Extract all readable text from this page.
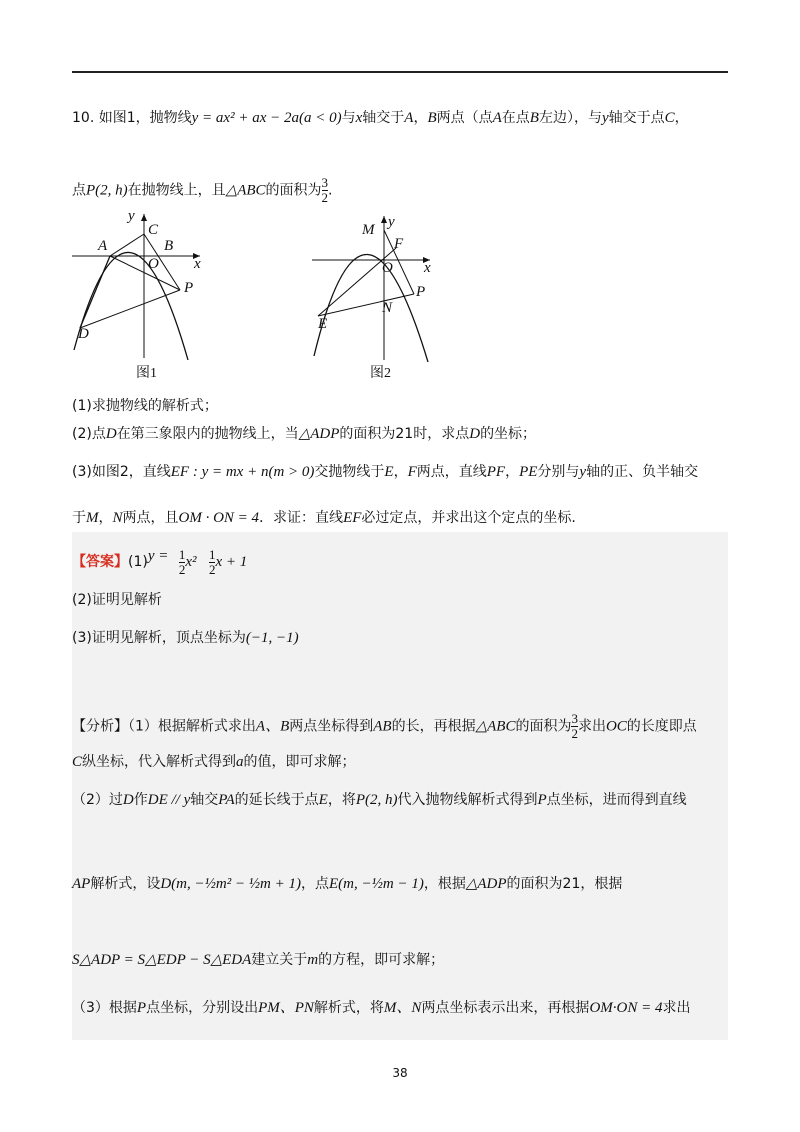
10. 如图1，抛物线y = ax² + ax − 2a(a < 0)与x轴交于A，B两点（点A在点B左边），与y轴交于点C，
点P(2, h)在抛物线上，且△ABC的面积为 $\frac{3}{2}$ .
y
C
A	B
O x
P
D
图1
M y
F
O x
P
N
E
图2
(1)求抛物线的解析式；
(2)点D在第三象限内的抛物线上，当△ADP的面积为21时，求点D的坐标；
(3)如图2，直线EF : y = mx + n(m > 0)交抛物线于E，F两点，直线PF，PE分别与y轴的正、负半轴交
于M，N两点，且OM · ON = 4．求证：直线EF必过定点，并求出这个定点的坐标.
【答案】$(1)y = \frac{1}{2} x^2 \frac{1}{2}$ x + 1
(2)证明见解析
(3)证明见解析，顶点坐标为(−1, −1)
【分析】（1）根据解析式求出A、B两点坐标得到AB的长，再根据△ABC的面积为 $\frac{3}{2}$ 求出OC的长度即点
C纵坐标，代入解析式得到a的值，即可求解；
（2）过D作DE // y轴交PA的延长线于点E，将P(2, h)代入抛物线解析式得到P点坐标，进而得到直线
AP解析式，设D(m, −½m² − ½m + 1)，点E(m, −½m − 1)，根据△ADP的面积为21，根据
S△ADP = S△EDP − S△EDA建立关于m的方程，即可求解；
（3）根据P点坐标，分别设出PM、PN解析式，将M、N两点坐标表示出来，再根据OM·ON = 4求出
38
